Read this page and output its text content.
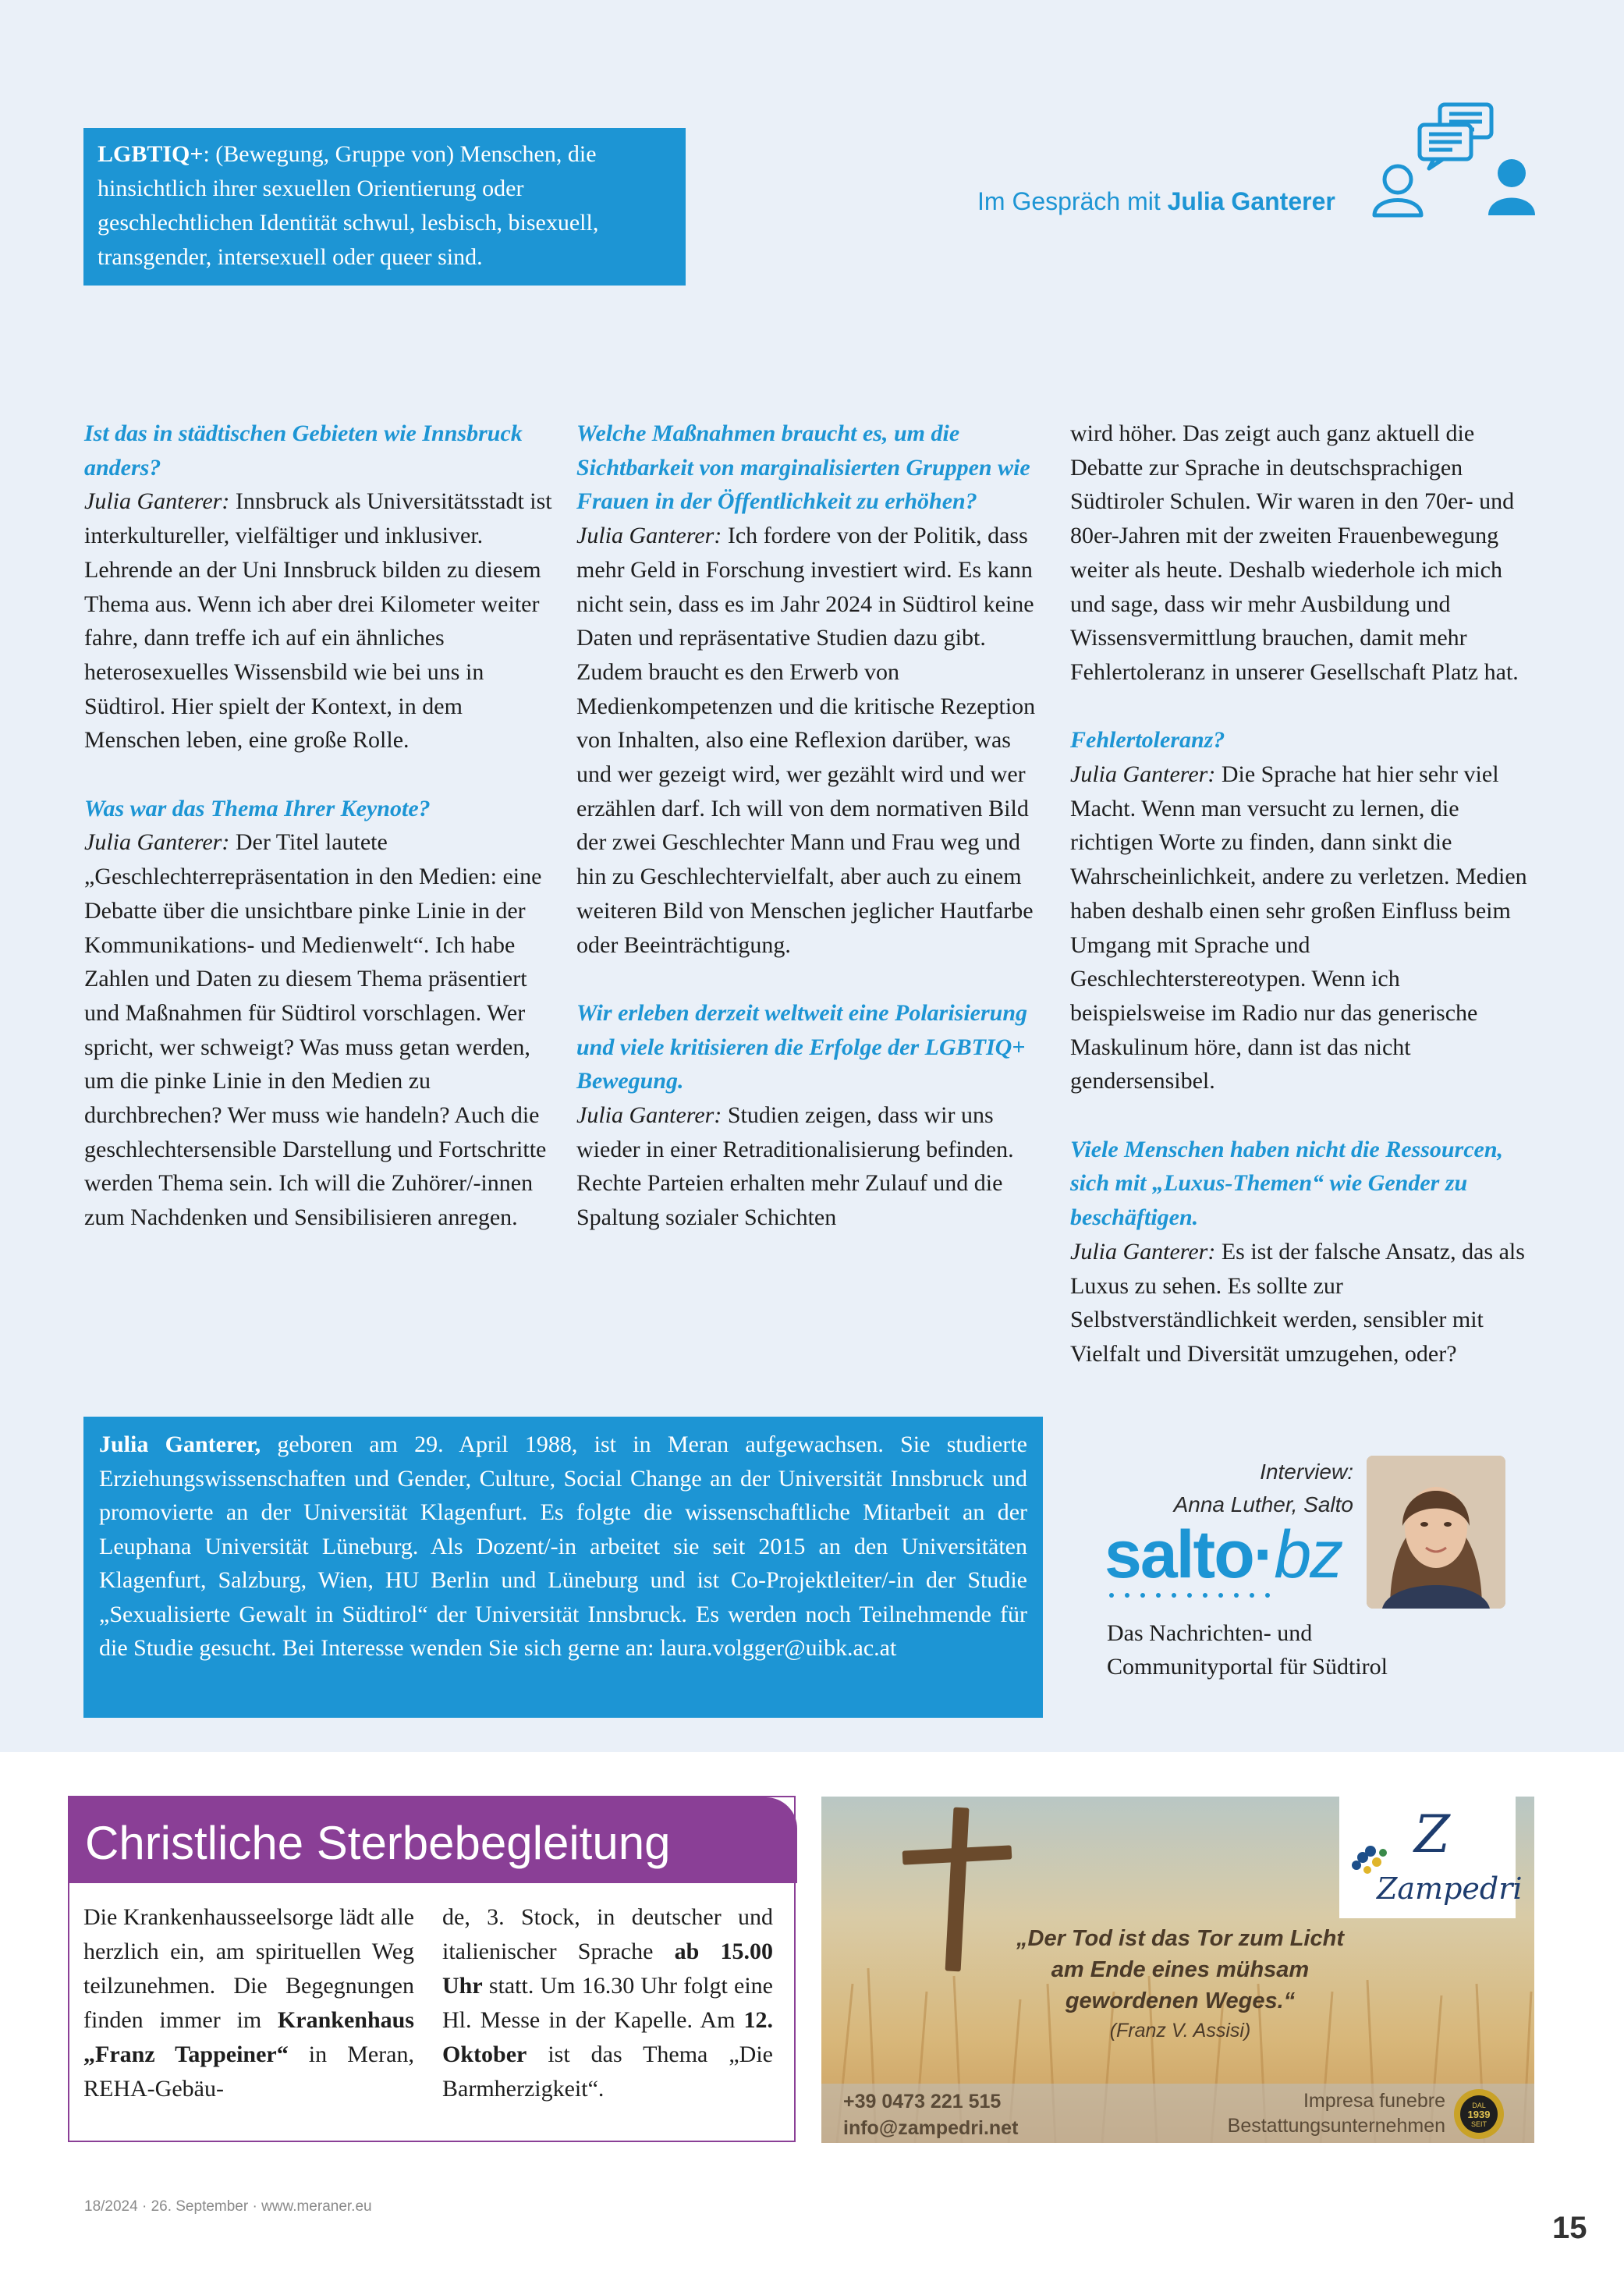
LGBTIQ+: (Bewegung, Gruppe von) Menschen, die hinsichtlich ihrer sexuellen Orientierung oder geschlechtlichen Identität schwul, lesbisch, bisexuell, transgender, intersexuell oder queer sind.
Im Gespräch mit Julia Ganterer

Ist das in städtischen Gebieten wie Innsbruck anders?
Julia Ganterer: Innsbruck als Universitätsstadt ist interkultureller, vielfältiger und inklusiver. Lehrende an der Uni Innsbruck bilden zu diesem Thema aus. Wenn ich aber drei Kilometer weiter fahre, dann treffe ich auf ein ähnliches heterosexuelles Wissensbild wie bei uns in Südtirol. Hier spielt der Kontext, in dem Menschen leben, eine große Rolle.

Was war das Thema Ihrer Keynote?
Julia Ganterer: Der Titel lautete „Geschlechterrepräsentation in den Medien: eine Debatte über die unsichtbare pinke Linie in der Kommunikations- und Medienwelt“. Ich habe Zahlen und Daten zu diesem Thema präsentiert und Maßnahmen für Südtirol vorschlagen. Wer spricht, wer schweigt? Was muss getan werden, um die pinke Linie in den Medien zu durchbrechen? Wer muss wie handeln? Auch die geschlechtersensible Darstellung und Fortschritte werden Thema sein. Ich will die Zuhörer/-innen zum Nachdenken und Sensibilisieren anregen.

Welche Maßnahmen braucht es, um die Sichtbarkeit von marginalisierten Gruppen wie Frauen in der Öffentlichkeit zu erhöhen?
Julia Ganterer: Ich fordere von der Politik, dass mehr Geld in Forschung investiert wird. Es kann nicht sein, dass es im Jahr 2024 in Südtirol keine Daten und repräsentative Studien dazu gibt. Zudem braucht es den Erwerb von Medienkompetenzen und die kritische Rezeption von Inhalten, also eine Reflexion darüber, was und wer gezeigt wird, wer gezählt wird und wer erzählen darf. Ich will von dem normativen Bild der zwei Geschlechter Mann und Frau weg und hin zu Geschlechtervielfalt, aber auch zu einem weiteren Bild von Menschen jeglicher Hautfarbe oder Beeinträchtigung.

Wir erleben derzeit weltweit eine Polarisierung und viele kritisieren die Erfolge der LGBTIQ+ Bewegung.
Julia Ganterer: Studien zeigen, dass wir uns wieder in einer Retraditionalisierung befinden. Rechte Parteien erhalten mehr Zulauf und die Spaltung sozialer Schichten

wird höher. Das zeigt auch ganz aktuell die Debatte zur Sprache in deutschsprachigen Südtiroler Schulen. Wir waren in den 70er- und 80er-Jahren mit der zweiten Frauenbewegung weiter als heute. Deshalb wiederhole ich mich und sage, dass wir mehr Ausbildung und Wissensvermittlung brauchen, damit mehr Fehlertoleranz in unserer Gesellschaft Platz hat.

Fehlertoleranz?
Julia Ganterer: Die Sprache hat hier sehr viel Macht. Wenn man versucht zu lernen, die richtigen Worte zu finden, dann sinkt die Wahrscheinlichkeit, andere zu verletzen. Medien haben deshalb einen sehr großen Einfluss beim Umgang mit Sprache und Geschlechterstereotypen. Wenn ich beispielsweise im Radio nur das generische Maskulinum höre, dann ist das nicht gendersensibel.

Viele Menschen haben nicht die Ressourcen, sich mit „Luxus-Themen“ wie Gender zu beschäftigen.
Julia Ganterer: Es ist der falsche Ansatz, das als Luxus zu sehen. Es sollte zur Selbstverständlichkeit werden, sensibler mit Vielfalt und Diversität umzugehen, oder?

Julia Ganterer, geboren am 29. April 1988, ist in Meran aufgewachsen. Sie studierte Erziehungswissenschaften und Gender, Culture, Social Change an der Universität Innsbruck und promovierte an der Universität Klagenfurt. Es folgte die wissenschaftliche Mitarbeit an der Leuphana Universität Lüneburg. Als Dozent/-in arbeitet sie seit 2015 an den Universitäten Klagenfurt, Salzburg, Wien, HU Berlin und Lüneburg und ist Co-Projektleiter/-in der Studie „Sexualisierte Gewalt in Südtirol“ der Universität Innsbruck. Es werden noch Teilnehmende für die Studie gesucht. Bei Interesse wenden Sie sich gerne an: laura.volgger@uibk.ac.at
Interview:
Anna Luther, Salto
salto·bz
Das Nachrichten- und
Communityportal für Südtirol
Christliche Sterbebegleitung
Die Krankenhausseelsorge lädt alle herzlich ein, am spirituellen Weg teilzunehmen. Die Begegnungen finden immer im Krankenhaus „Franz Tappeiner“ in Meran, REHA-Gebäu-
de, 3. Stock, in deutscher und italienischer Sprache ab 15.00 Uhr statt. Um 16.30 Uhr folgt eine Hl. Messe in der Kapelle. Am 12. Oktober ist das Thema „Die Barmherzigkeit“.
Z
Zampedri
„Der Tod ist das Tor zum Licht am Ende eines mühsam gewordenen Weges.“
(Franz V. Assisi)
+39 0473 221 515
info@zampedri.net
Impresa funebre
Bestattungsunternehmen
DAL
1939
SEIT
18/2024 · 26. September · www.meraner.eu
15
